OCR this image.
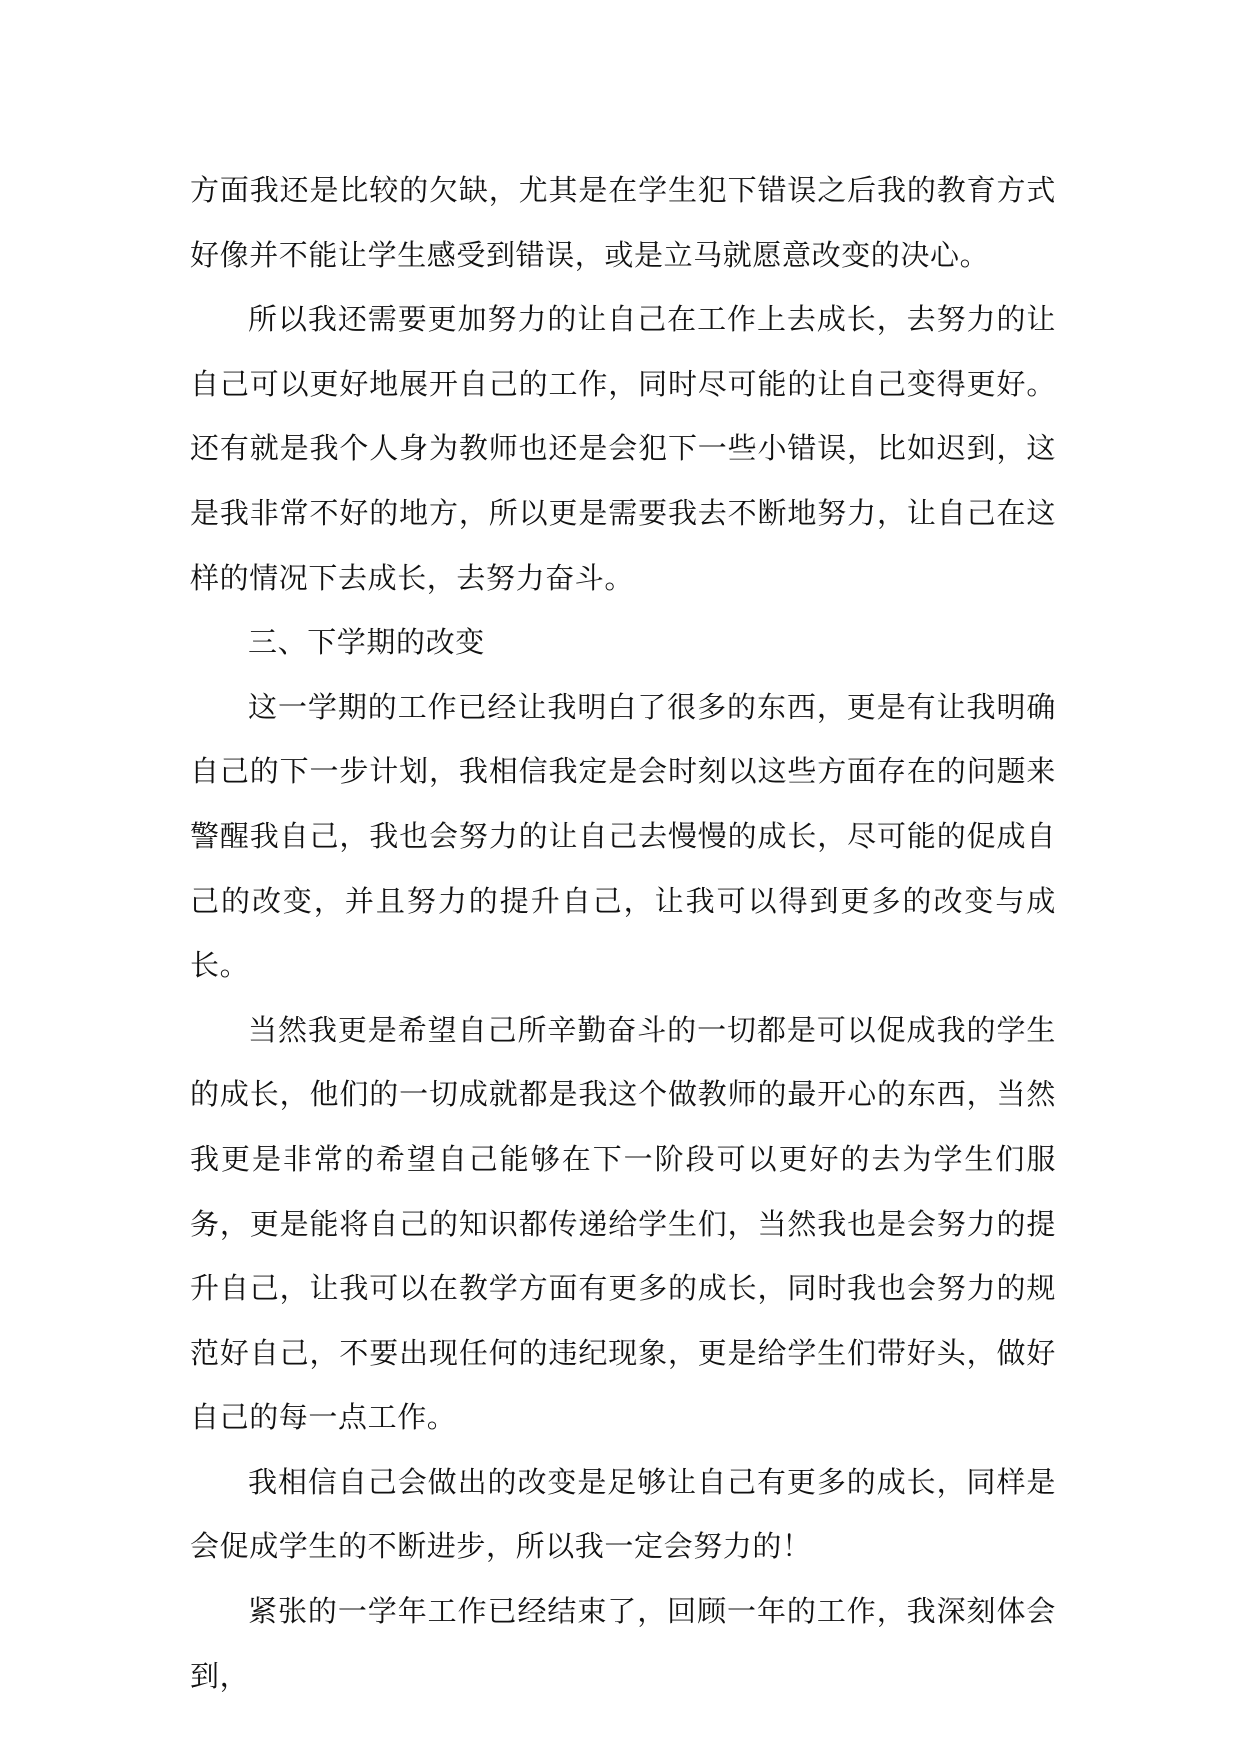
方面我还是比较的欠缺，尤其是在学生犯下错误之后我的教育方式好像并不能让学生感受到错误，或是立马就愿意改变的决心。

所以我还需要更加努力的让自己在工作上去成长，去努力的让自己可以更好地展开自己的工作，同时尽可能的让自己变得更好。还有就是我个人身为教师也还是会犯下一些小错误，比如迟到，这是我非常不好的地方，所以更是需要我去不断地努力，让自己在这样的情况下去成长，去努力奋斗。

三、下学期的改变

这一学期的工作已经让我明白了很多的东西，更是有让我明确自己的下一步计划，我相信我定是会时刻以这些方面存在的问题来警醒我自己，我也会努力的让自己去慢慢的成长，尽可能的促成自己的改变，并且努力的提升自己，让我可以得到更多的改变与成长。

当然我更是希望自己所辛勤奋斗的一切都是可以促成我的学生的成长，他们的一切成就都是我这个做教师的最开心的东西，当然我更是非常的希望自己能够在下一阶段可以更好的去为学生们服务，更是能将自己的知识都传递给学生们，当然我也是会努力的提升自己，让我可以在教学方面有更多的成长，同时我也会努力的规范好自己，不要出现任何的违纪现象，更是给学生们带好头，做好自己的每一点工作。

我相信自己会做出的改变是足够让自己有更多的成长，同样是会促成学生的不断进步，所以我一定会努力的！

紧张的一学年工作已经结束了，回顾一年的工作，我深刻体会到，
